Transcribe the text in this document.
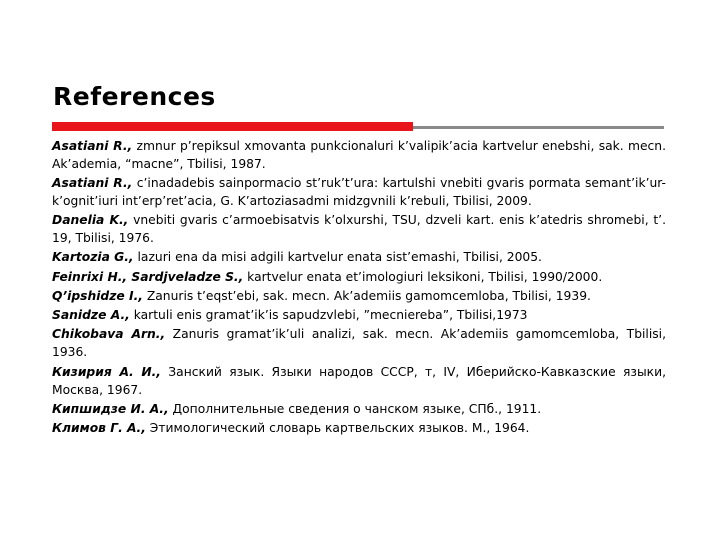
References
Asatiani R., zmnur p’repiksul xmovanta punkcionaluri k’valipik’acia kartvelur enebshi, sak. mecn. Ak’ademia, “macne”, Tbilisi, 1987.
Asatiani R., c’inadadebis sainpormacio st’ruk’t’ura: kartulshi vnebiti gvaris pormata semant’ik’ur-k’ognit’iuri int’erp’ret’acia, G. K’artoziasadmi midzgvnili k’rebuli, Tbilisi, 2009.
Danelia K., vnebiti gvaris c’armoebisatvis k’olxurshi, TSU, dzveli kart. enis k’atedris shromebi, t’. 19, Tbilisi, 1976.
Kartozia G., lazuri ena da misi adgili kartvelur enata sist’emashi, Tbilisi, 2005.
Feinrixi H., Sardjveladze S., kartvelur enata et’imologiuri leksikoni, Tbilisi, 1990/2000.
Q’ipshidze I., Zanuris t’eqst’ebi, sak. mecn. Ak’ademiis gamomcemloba, Tbilisi, 1939.
Sanidze A., kartuli enis gramat’ik’is sapudzvlebi, ”mecniereba”, Tbilisi,1973
Chikobava Arn., Zanuris gramat’ik’uli analizi, sak. mecn. Ak’ademiis gamomcemloba, Tbilisi, 1936.
Кизирия А. И., Занский язык. Языки народов СССР, т, IV, Иберийско-Кавказские языки, Москва, 1967.
Кипшидзе И. А., Дополнительные сведения о чанском языке, СПб., 1911.
Климов Г. А., Этимологический словарь картвельских языков. М., 1964.
